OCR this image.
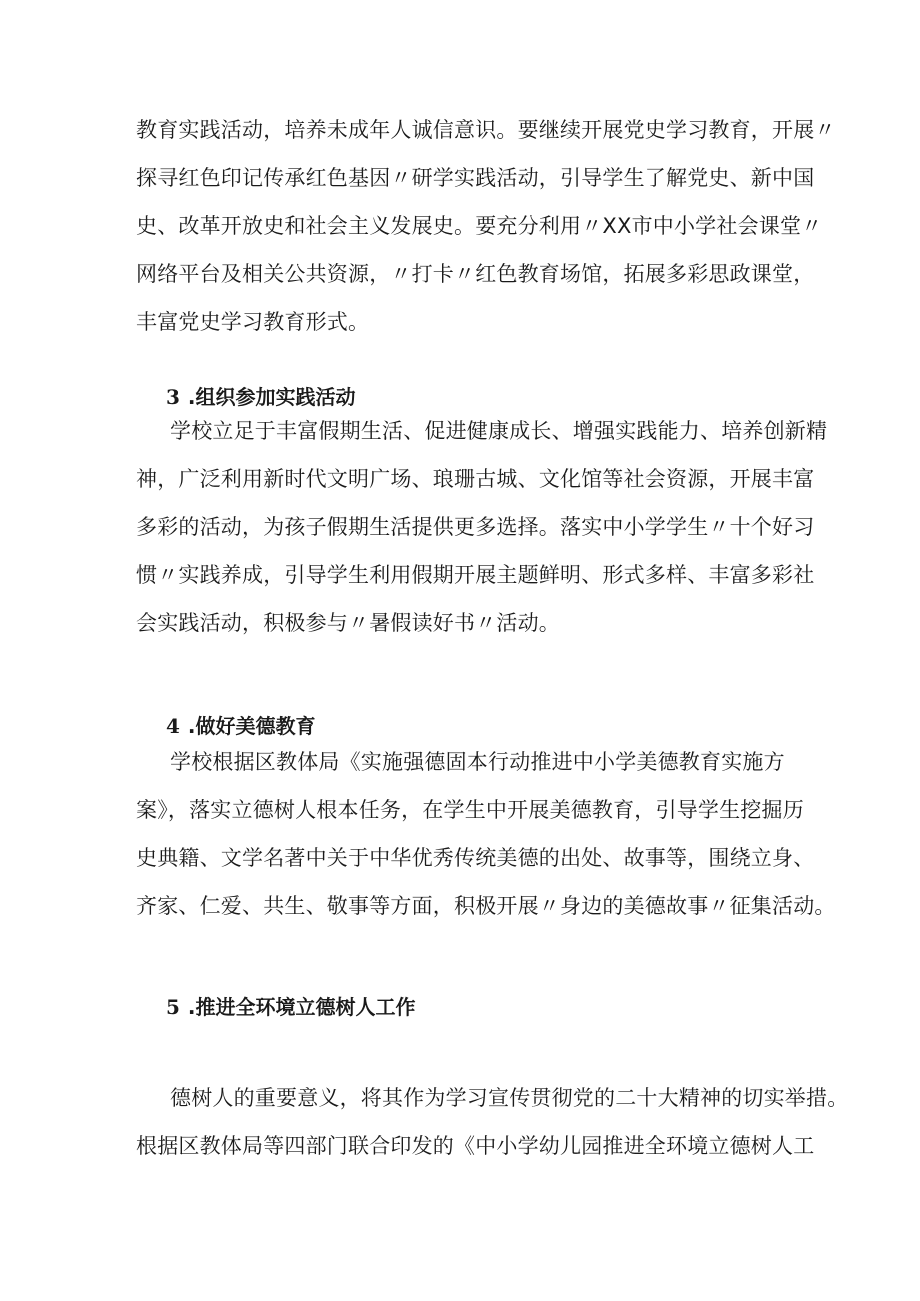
教育实践活动，培养未成年人诚信意识。要继续开展党史学习教育，开展〃
探寻红色印记传承红色基因〃研学实践活动，引导学生了解党史、新中国
史、改革开放史和社会主义发展史。要充分利用〃XX市中小学社会课堂〃
网络平台及相关公共资源，〃打卡〃红色教育场馆，拓展多彩思政课堂，
丰富党史学习教育形式。

3 .组织参加实践活动

学校立足于丰富假期生活、促进健康成长、增强实践能力、培养创新精
神，广泛利用新时代文明广场、琅珊古城、文化馆等社会资源，开展丰富
多彩的活动，为孩子假期生活提供更多选择。落实中小学学生〃十个好习
惯〃实践养成，引导学生利用假期开展主题鲜明、形式多样、丰富多彩社
会实践活动，积极参与〃暑假读好书〃活动。

4 .做好美德教育

学校根据区教体局《实施强德固本行动推进中小学美德教育实施方
案》，落实立德树人根本任务，在学生中开展美德教育，引导学生挖掘历
史典籍、文学名著中关于中华优秀传统美德的出处、故事等，围绕立身、
齐家、仁爱、共生、敬事等方面，积极开展〃身边的美德故事〃征集活动。

5 .推进全环境立德树人工作

德树人的重要意义，将其作为学习宣传贯彻党的二十大精神的切实举措。
根据区教体局等四部门联合印发的《中小学幼儿园推进全环境立德树人工
